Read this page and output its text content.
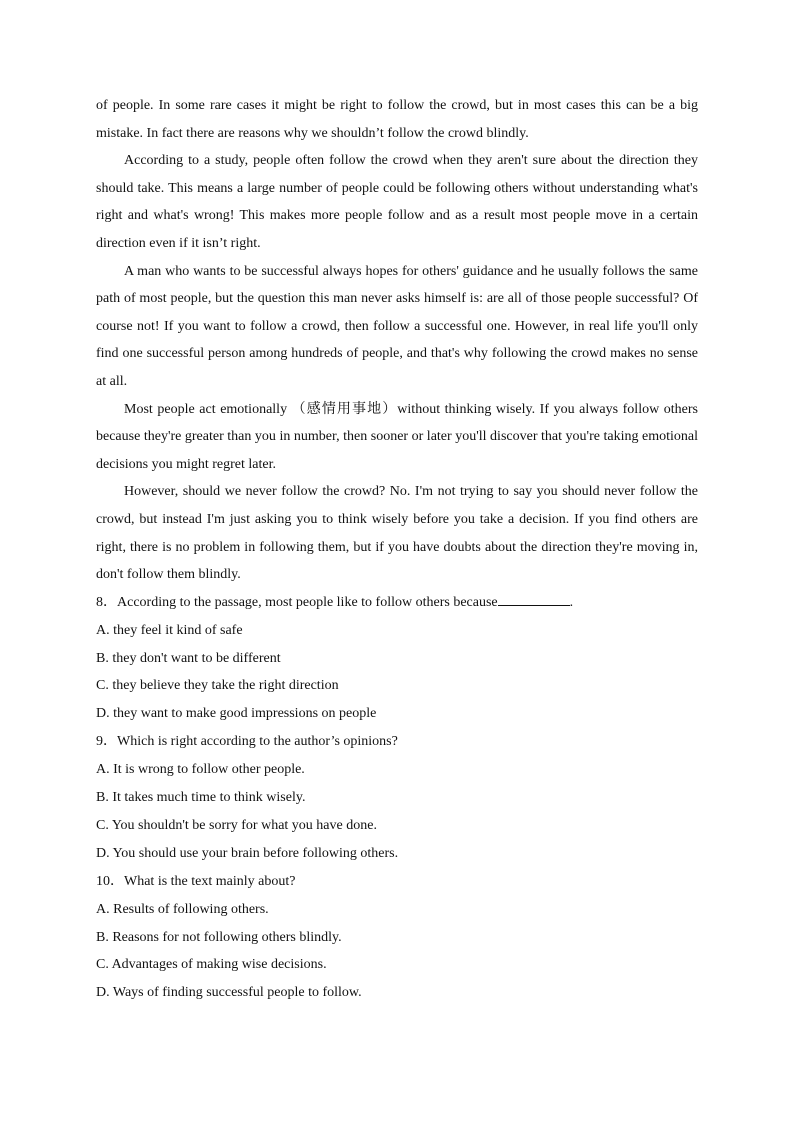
of people. In some rare cases it might be right to follow the crowd, but in most cases this can be a big mistake. In fact there are reasons why we shouldn’t follow the crowd blindly.

According to a study, people often follow the crowd when they aren't sure about the direction they should take. This means a large number of people could be following others without understanding what's right and what's wrong! This makes more people follow and as a result most people move in a certain direction even if it isn’t right.

A man who wants to be successful always hopes for others' guidance and he usually follows the same path of most people, but the question this man never asks himself is: are all of those people successful? Of course not! If you want to follow a crowd, then follow a successful one. However, in real life you'll only find one successful person among hundreds of people, and that's why following the crowd makes no sense at all.

Most people act emotionally （感情用事地）without thinking wisely. If you always follow others because they're greater than you in number, then sooner or later you'll discover that you're taking emotional decisions you might regret later.

However, should we never follow the crowd? No. I'm not trying to say you should never follow the crowd, but instead I'm just asking you to think wisely before you take a decision. If you find others are right, there is no problem in following them, but if you have doubts about the direction they're moving in, don't follow them blindly.

8．According to the passage, most people like to follow others because	.

A. they feel it kind of safe

B. they don't want to be different

C. they believe they take the right direction

D. they want to make good impressions on people

9．Which is right according to the author’s opinions?

A. It is wrong to follow other people.

B. It takes much time to think wisely.

C. You shouldn't be sorry for what you have done.

D. You should use your brain before following others.

10．What is the text mainly about?

A. Results of following others.

B. Reasons for not following others blindly.

C. Advantages of making wise decisions.

D. Ways of finding successful people to follow.
